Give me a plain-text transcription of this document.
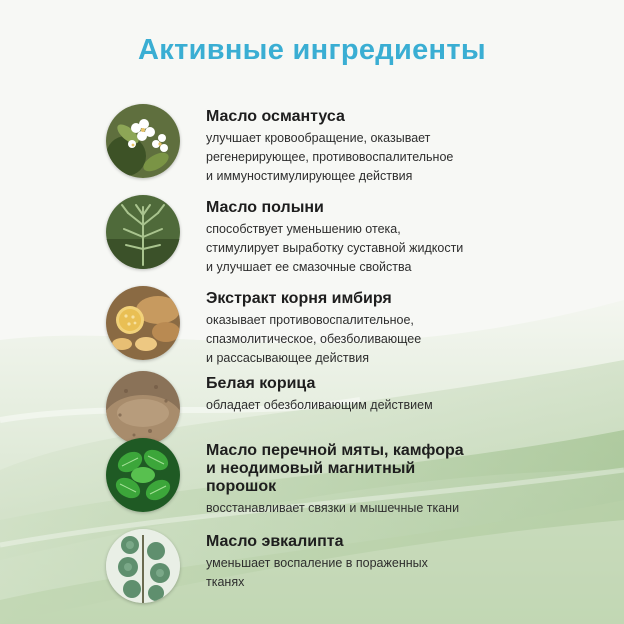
Активные ингредиенты

Масло османтуса

улучшает кровообращение, оказывает
регенерирующее, противовоспалительное
и иммуностимулирующее действия

Масло полыни

способствует уменьшению отека,
стимулирует выработку суставной жидкости
и улучшает ее смазочные свойства

Экстракт корня имбиря

оказывает противовоспалительное,
спазмолитическое, обезболивающее
и рассасывающее действия

Белая корица

обладает обезболивающим действием

Масло перечной мяты, камфора
и неодимовый магнитный
порошок

восстанавливает связки и мышечные ткани

Масло эвкалипта

уменьшает воспаление в пораженных
тканях
